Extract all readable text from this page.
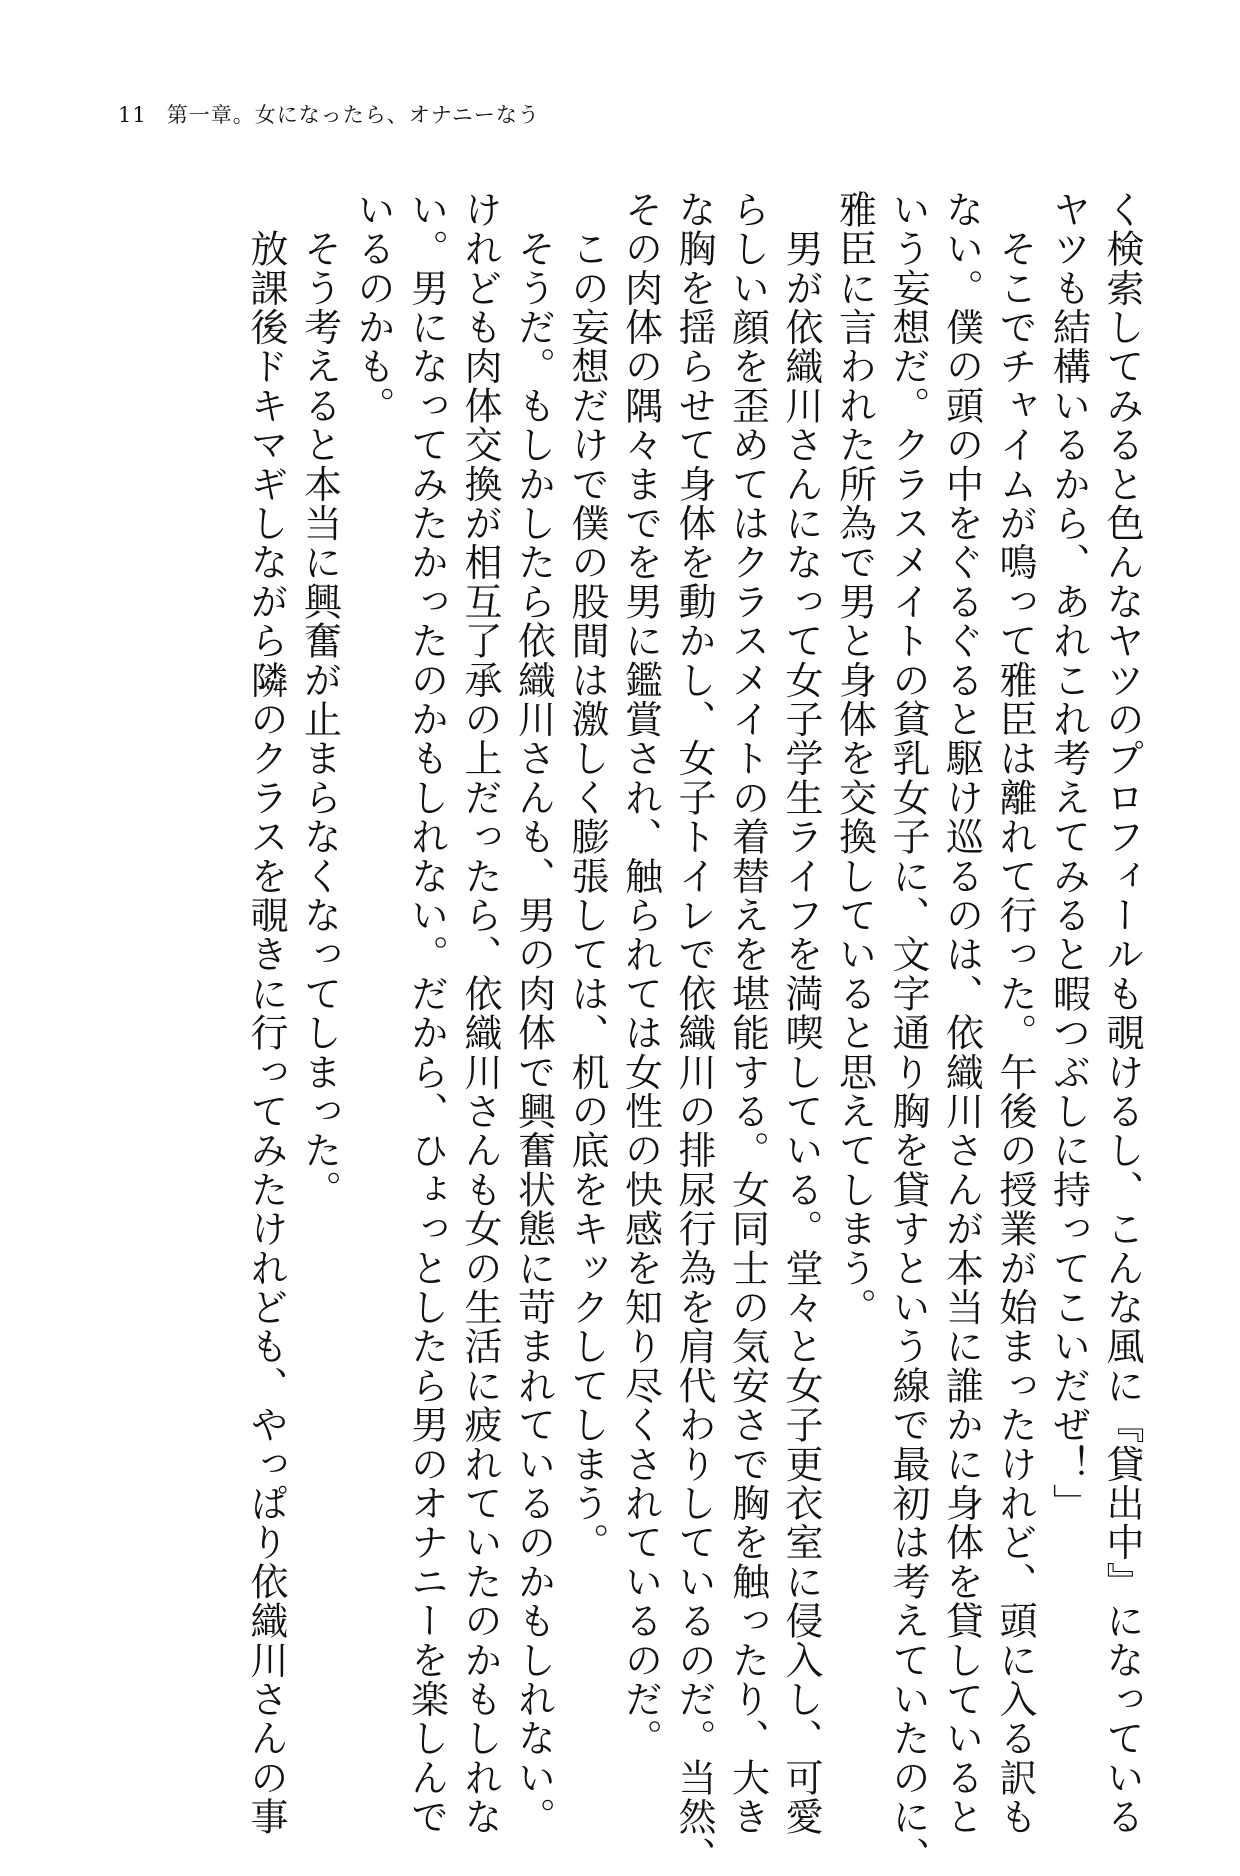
11 第一章。女になったら、オナニーなう
く検索してみると色んなヤツのプロフィールも覗けるし、こんな風に『貸出中』になっている
ヤツも結構いるから、あれこれ考えてみると暇つぶしに持ってこいだぜ！」
　そこでチャイムが鳴って雅臣は離れて行った。午後の授業が始まったけれど、頭に入る訳も
ない。僕の頭の中をぐるぐると駆け巡るのは、依織川さんが本当に誰かに身体を貸していると
いう妄想だ。クラスメイトの貧乳女子に、文字通り胸を貸すという線で最初は考えていたのに、
雅臣に言われた所為で男と身体を交換していると思えてしまう。
　男が依織川さんになって女子学生ライフを満喫している。堂々と女子更衣室に侵入し、可愛
らしい顔を歪めてはクラスメイトの着替えを堪能する。女同士の気安さで胸を触ったり、大き
な胸を揺らせて身体を動かし、女子トイレで依織川の排尿行為を肩代わりしているのだ。当然、
その肉体の隅々までを男に鑑賞され、触られては女性の快感を知り尽くされているのだ。
　この妄想だけで僕の股間は激しく膨張しては、机の底をキックしてしまう。
　そうだ。もしかしたら依織川さんも、男の肉体で興奮状態に苛まれているのかもしれない。
けれども肉体交換が相互了承の上だったら、依織川さんも女の生活に疲れていたのかもしれな
い。男になってみたかったのかもしれない。だから、ひょっとしたら男のオナニーを楽しんで
いるのかも。
　そう考えると本当に興奮が止まらなくなってしまった。
　放課後ドキマギしながら隣のクラスを覗きに行ってみたけれども、やっぱり依織川さんの事
